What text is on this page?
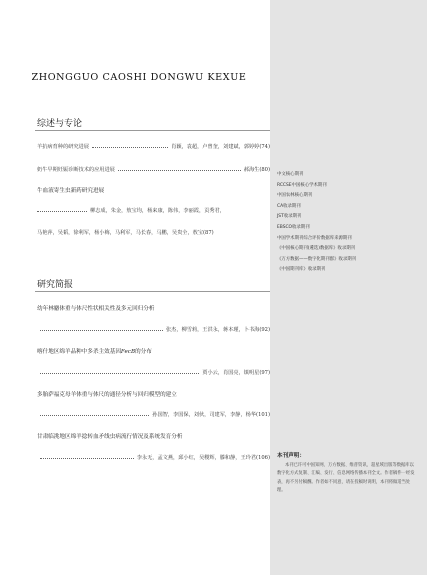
ZHONGGUO CAOSHI DONGWU KEXUE
综述与专论
羊抗病育种的研究进展	肖颖，袁超，卢曾奎，刘建斌，郭婷婷 (74)
奶牛早期妊娠诊断技术的应用进展	郝海生 (80)
牛血液寄生虫新药研究进展
柳志成，朱金，敖宝均，杨来康，陈伟，李丽霞，贡秀君，
马艳萍，吴韬，徐利军，杨小梅，马利军，马长春，马鹏，吴贵全，敖宝(87)
研究简报
幼年林麝体重与体尺性状相关性及多元回归分析
张杰，柳雪莉，王洪永，蒋本瑾，卜书海 (92)
喀什地区绵羊品种中多杀主效基因FecB的分布
贾小云，肖国亮，镇明星 (97)
多胎萨福克母羊体重与体尺的通径分析与回归模型的建立
孙国智，李国保，刘伙，司建军，李静，杨华 (101)
甘肃临洮地区绵羊捻转血矛线虫病流行情况及系统发育分析
李永无，孟文燕，邱小红，吴稷辉，滕和静，王玲君 (106)
中文核心期刊
RCCSE中国核心学术期刊
中国农林核心期刊
CA收录期刊
JST收录期刊
EBSCO收录期刊
中国学术期刊综合评价数据库来源期刊
《中国核心期刊(遴选)数据库》收录期刊
《万方数据——数字化期刊群》收录期刊
《中国期刊库》收录期刊
本刊声明：
本刊已许可中国知网、万方数据、维普资讯、超星域出版等数据库以数字化方式复制、汇编、发行、信息网络传播本刊全文。作者稿件一经发表，再不另付稿酬。作者如不同意，请在投稿时说明，本刊将做适当处理。
